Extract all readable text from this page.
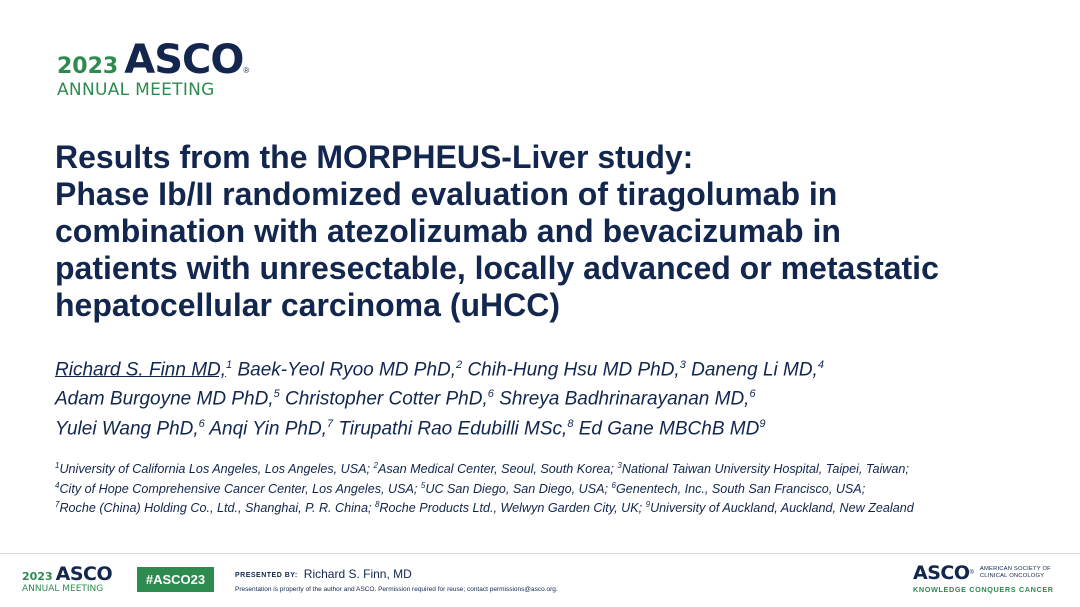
2023 ASCO ®
ANNUAL MEETING
Results from the MORPHEUS-Liver study:
Phase Ib/II randomized evaluation of tiragolumab in
combination with atezolizumab and bevacizumab in
patients with unresectable, locally advanced or metastatic
hepatocellular carcinoma (uHCC)
Richard S. Finn MD,$^1$ Baek-Yeol Ryoo MD PhD,$^2$ Chih-Hung Hsu MD PhD,$^3$ Daneng Li MD,$^4$
Adam Burgoyne MD PhD,$^5$ Christopher Cotter PhD,$^6$ Shreya Badhrinarayanan MD,$^6$
Yulei Wang PhD,$^6$ Anqi Yin PhD,$^7$ Tirupathi Rao Edubilli MSc,$^8$ Ed Gane MBChB $MD^9$
$^1$University of California Los Angeles, Los Angeles, USA; $^2$Asan Medical Center, Seoul, South Korea; $^3$National Taiwan University Hospital, Taipei, Taiwan;
$^4$City of Hope Comprehensive Cancer Center, Los Angeles, USA; $^5$UC San Diego, San Diego, USA; $^6$Genentech, Inc., South San Francisco, USA;
$^7$Roche (China) Holding Co., Ltd., Shanghai, P. R. China; $^8$Roche Products Ltd., Welwyn Garden City, UK; $^9$University of Auckland, Auckland, New Zealand
2023 ASCO
ANNUAL MEETING
#ASCO23	PRESENTED BY: Richard S. Finn, MD
Presentation is property of the author and ASCO. Permission required for reuse; contact permissions@asco.org.
ASCO ®
AMERICAN SOCIETY OF
CLINICAL ONCOLOGY
KNOWLEDGE CONQUERS CANCER
